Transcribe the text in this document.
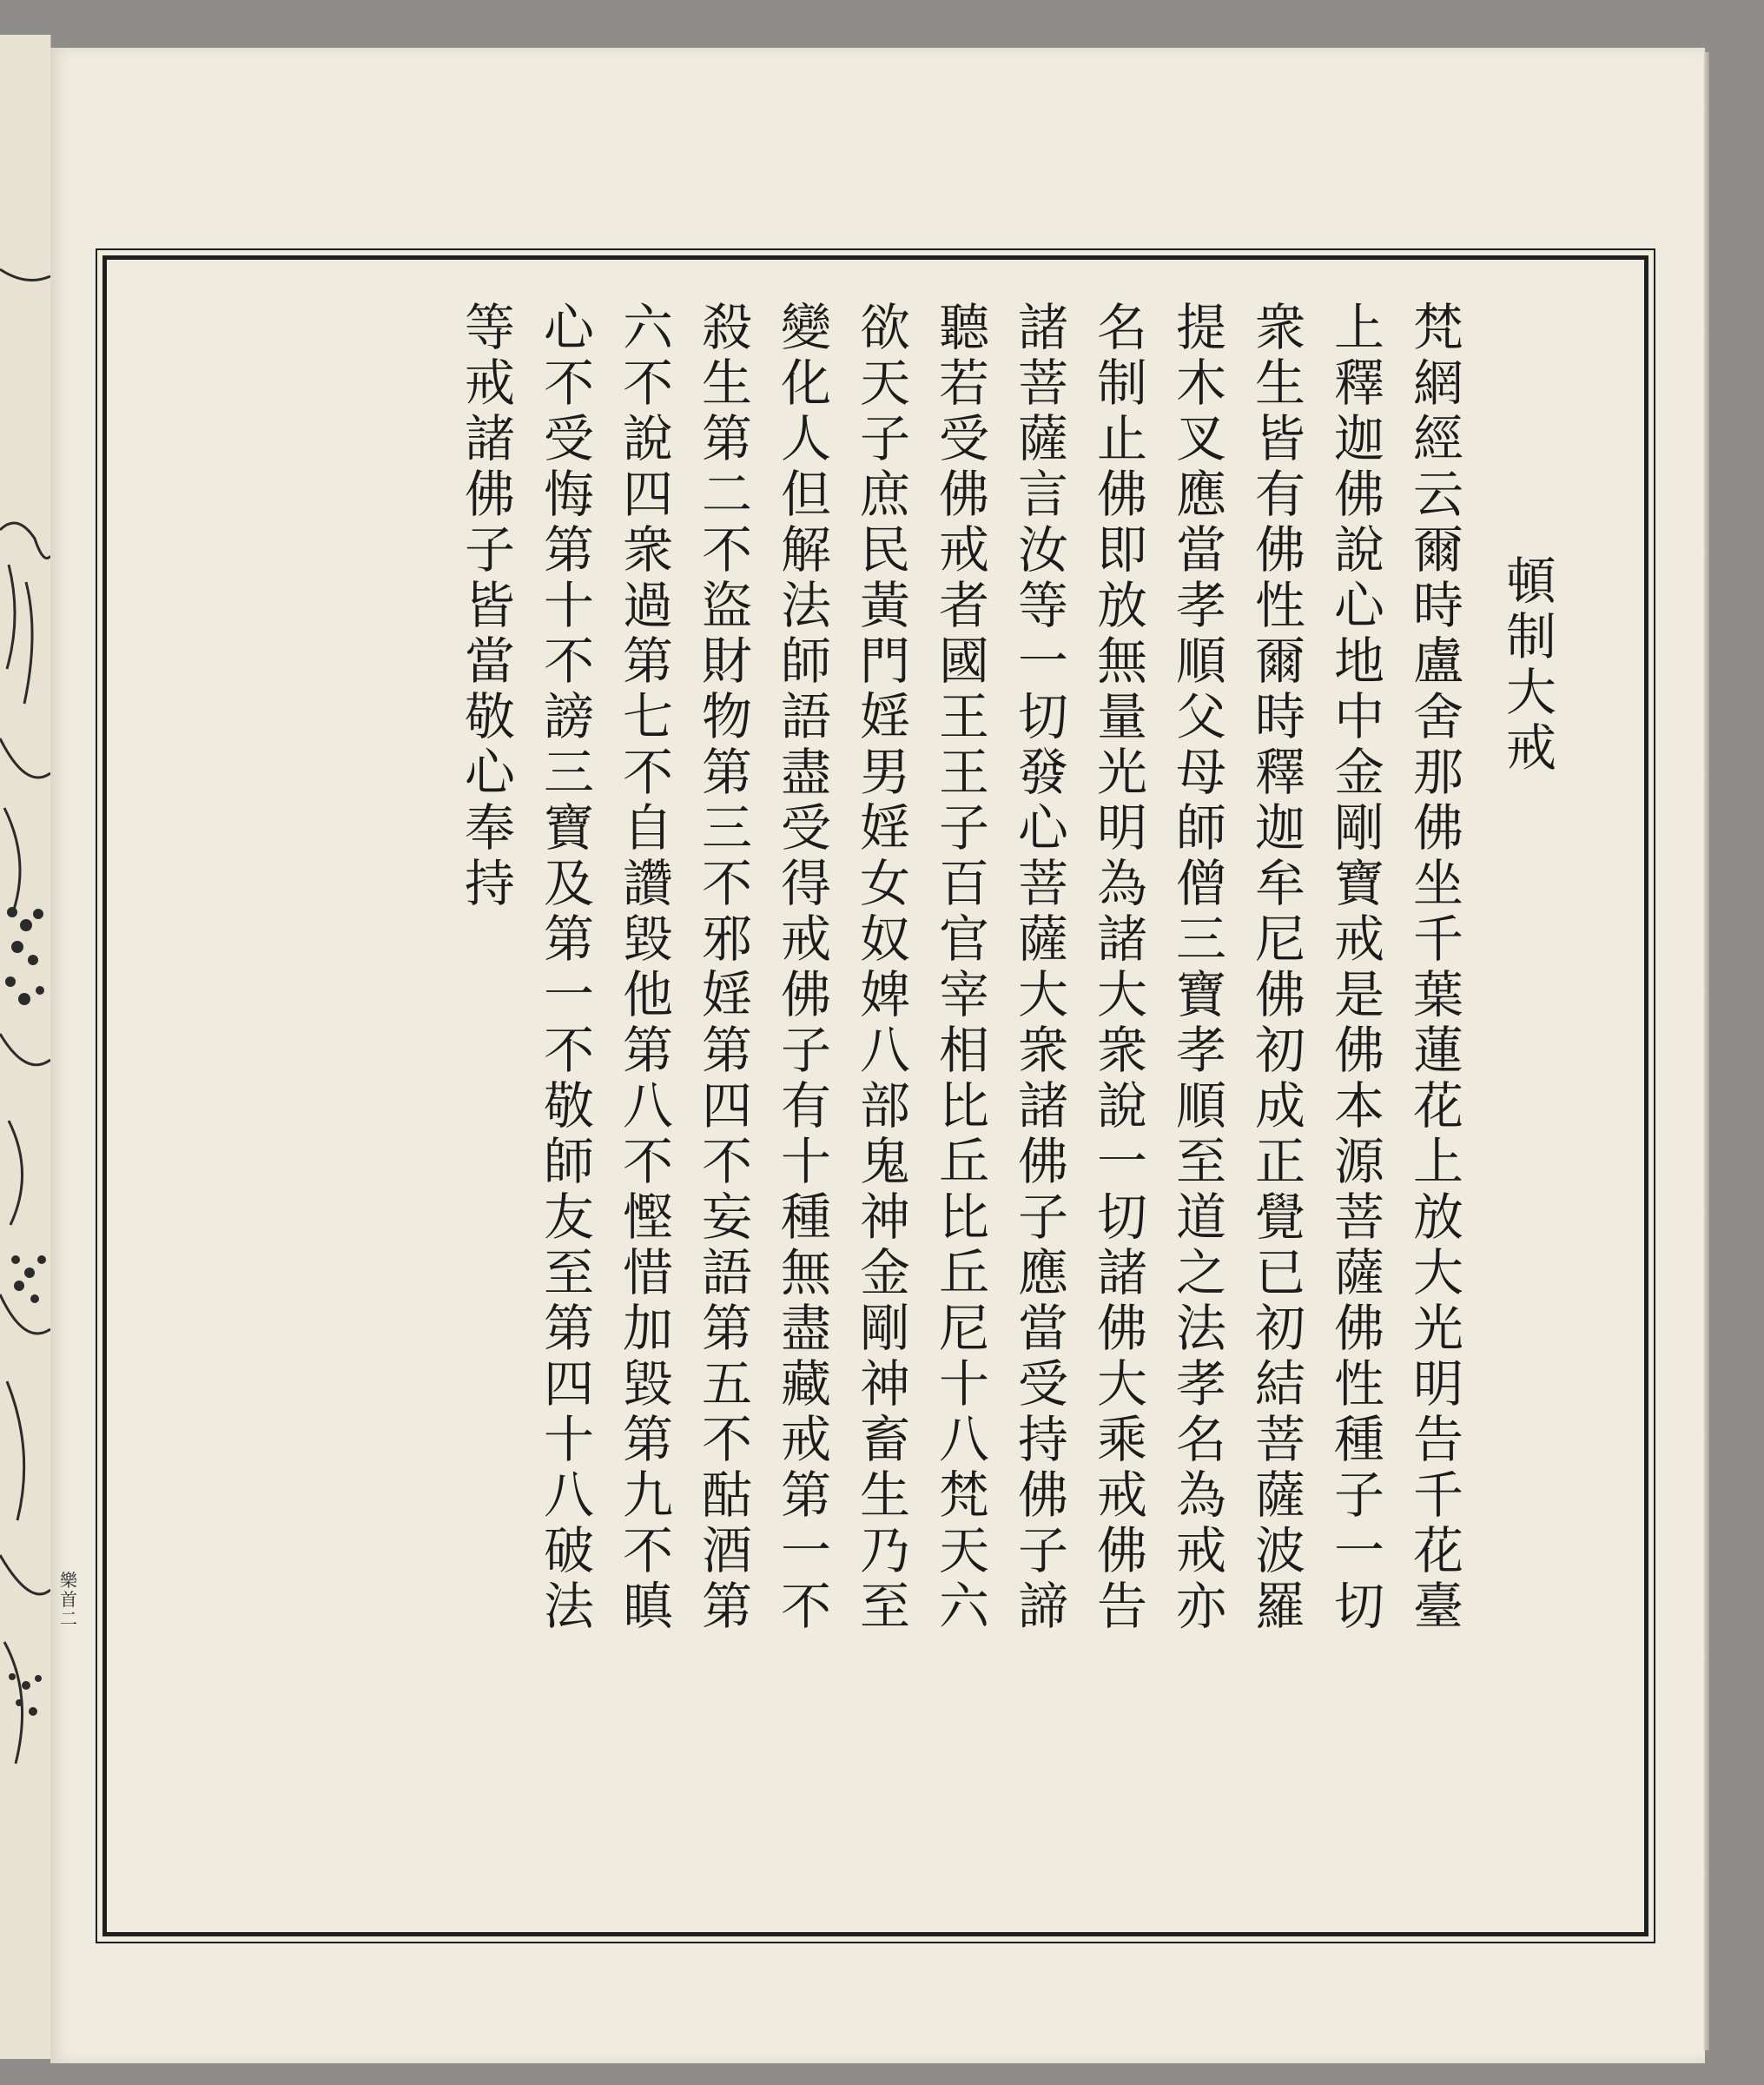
樂首二
頓制大戒
梵網經云爾時盧舍那佛坐千葉蓮花上放大光明告千花臺
上釋迦佛說心地中金剛寶戒是佛本源菩薩佛性種子一切
衆生皆有佛性爾時釋迦牟尼佛初成正覺已初結菩薩波羅
提木叉應當孝順父母師僧三寶孝順至道之法孝名為戒亦
名制止佛即放無量光明為諸大衆說一切諸佛大乘戒佛告
諸菩薩言汝等一切發心菩薩大衆諸佛子應當受持佛子諦
聽若受佛戒者國王王子百官宰相比丘比丘尼十八梵天六
欲天子庶民黃門婬男婬女奴婢八部鬼神金剛神畜生乃至
變化人但解法師語盡受得戒佛子有十種無盡藏戒第一不
殺生第二不盜財物第三不邪婬第四不妄語第五不酤酒第
六不說四衆過第七不自讚毀他第八不慳惜加毀第九不瞋
心不受悔第十不謗三寶及第一不敬師友至第四十八破法
等戒諸佛子皆當敬心奉持
